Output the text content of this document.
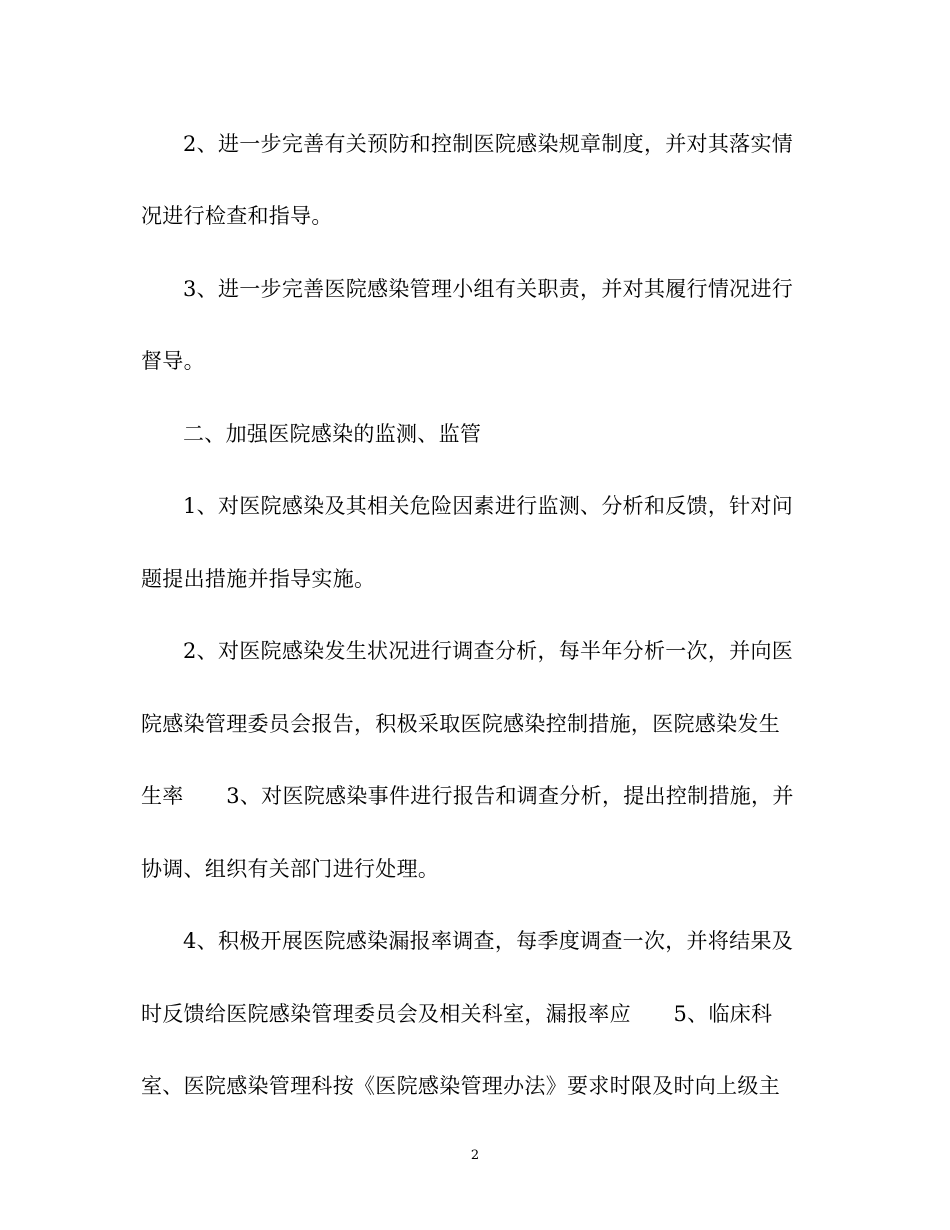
2、进一步完善有关预防和控制医院感染规章制度，并对其落实情
况进行检查和指导。
3、进一步完善医院感染管理小组有关职责，并对其履行情况进行
督导。
二、加强医院感染的监测、监管
1、对医院感染及其相关危险因素进行监测、分析和反馈，针对问
题提出措施并指导实施。
2、对医院感染发生状况进行调查分析，每半年分析一次，并向医
院感染管理委员会报告，积极采取医院感染控制措施，医院感染发生
生率　　3、对医院感染事件进行报告和调查分析，提出控制措施，并
协调、组织有关部门进行处理。
4、积极开展医院感染漏报率调查，每季度调查一次，并将结果及
时反馈给医院感染管理委员会及相关科室，漏报率应　　5、临床科
室、医院感染管理科按《医院感染管理办法》要求时限及时向上级主
2
